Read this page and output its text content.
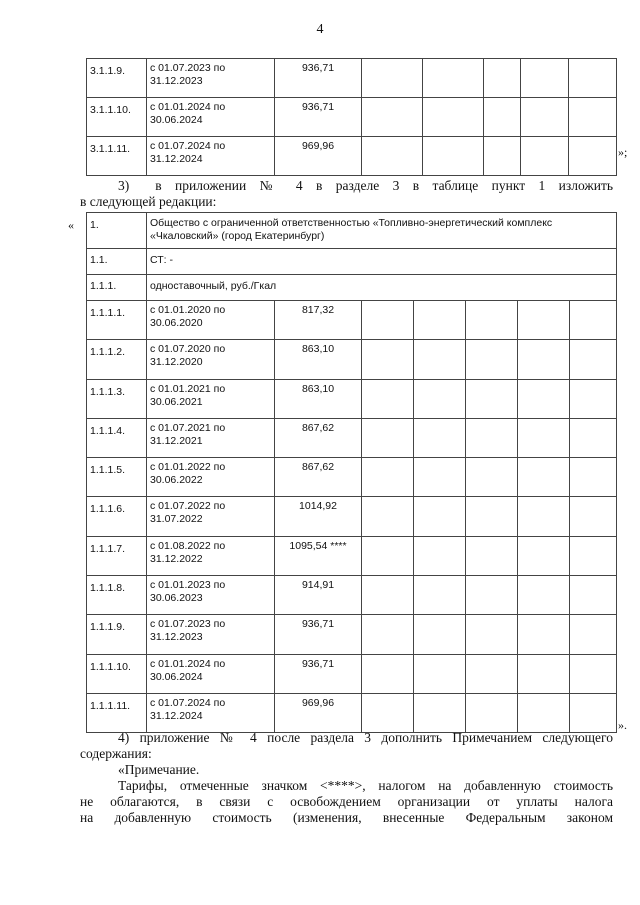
4
3.1.1.9.	с 01.07.2023 по 31.12.2023	936,71					
3.1.1.10.	с 01.01.2024 по 30.06.2024	936,71					
3.1.1.11.	с 01.07.2024 по 31.12.2024	969,96						»;
3) в приложении № 4 в разделе 3 в таблице пункт 1 изложить
в следующей редакции:
« 1.	Общество с ограниченной ответственностью «Топливно-энергетический комплекс «Чкаловский» (город Екатеринбург)						
1.1.	СТ: -						
1.1.1.	одноставочный, руб./Гкал						
1.1.1.1.	с 01.01.2020 по 30.06.2020	817,32					
1.1.1.2.	с 01.07.2020 по 31.12.2020	863,10					
1.1.1.3.	с 01.01.2021 по 30.06.2021	863,10					
1.1.1.4.	с 01.07.2021 по 31.12.2021	867,62					
1.1.1.5.	с 01.01.2022 по 30.06.2022	867,62					
1.1.1.6.	с 01.07.2022 по 31.07.2022	1014,92					
1.1.1.7.	с 01.08.2022 по 31.12.2022	1095,54 ****					
1.1.1.8.	с 01.01.2023 по 30.06.2023	914,91					
1.1.1.9.	с 01.07.2023 по 31.12.2023	936,71					
1.1.1.10.	с 01.01.2024 по 30.06.2024	936,71					
1.1.1.11.	с 01.07.2024 по 31.12.2024	969,96					
».
4) приложение № 4 после раздела 3 дополнить Примечанием следующего
содержания:
«Примечание.
Тарифы, отмеченные значком <****>, налогом на добавленную стоимость
не облагаются, в связи с освобождением организации от уплаты налога
на добавленную стоимость (изменения, внесенные Федеральным законом
